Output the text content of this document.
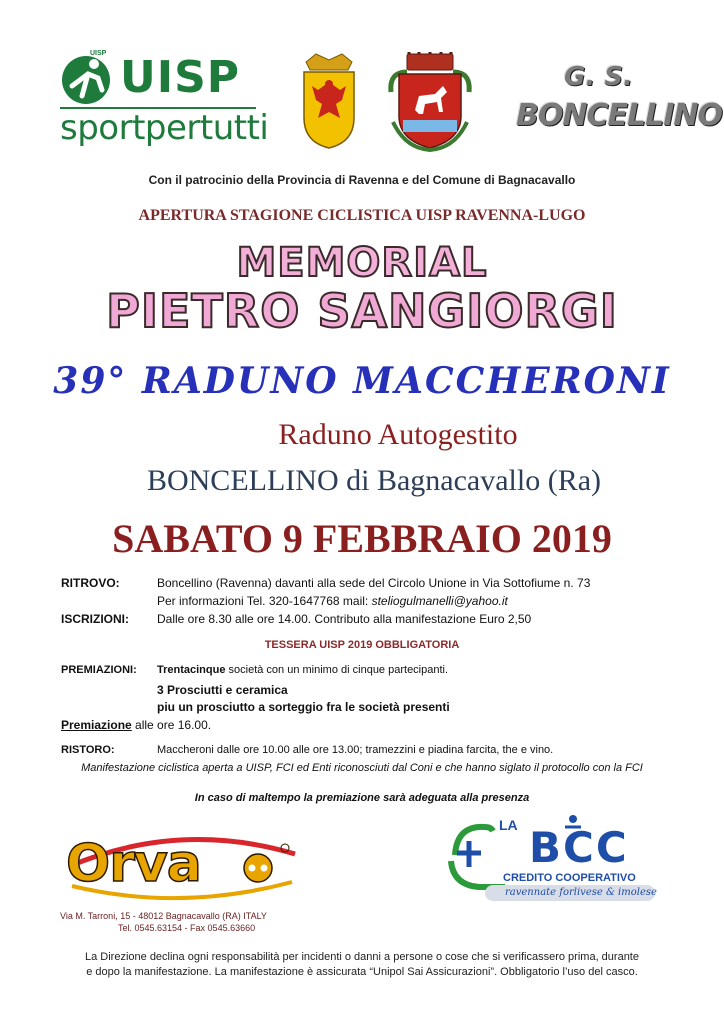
UISP UISP
sportpertutti
G. S.
BONCELLINO
Con il patrocinio della Provincia di Ravenna e del Comune di Bagnacavallo
APERTURA STAGIONE CICLISTICA UISP RAVENNA-LUGO
MEMORIAL
PIETRO SANGIORGI
39° RADUNO MACCHERONI
Raduno Autogestito
BONCELLINO di Bagnacavallo (Ra)
SABATO 9 FEBBRAIO 2019
RITROVO:	Boncellino (Ravenna) davanti alla sede del Circolo Unione in Via Sottofiume n. 73
Per informazioni Tel. 320-1647768 mail: steliogulmanelli@yahoo.it
ISCRIZIONI: Dalle ore 8.30 alle ore 14.00. Contributo alla manifestazione Euro 2,50
TESSERA UISP 2019 OBBLIGATORIA
PREMIAZIONI: Trentacinque società con un minimo di cinque partecipanti.
3 Prosciutti e ceramica
piu un prosciutto a sorteggio fra le società presenti
Premiazione alle ore 16.00.
RISTORO:	Maccheroni dalle ore 10.00 alle ore 13.00; tramezzini e piadina farcita, the e vino.
Manifestazione ciclistica aperta a UISP, FCI ed Enti riconosciuti dal Coni e che hanno siglato il protocollo con la FCI
In caso di maltempo la premiazione sarà adeguata alla presenza
Orva
Via M. Tarroni, 15 - 48012 Bagnacavallo (RA) ITALY
Tel. 0545.63154 - Fax 0545.63660
LA BCC
CREDITO COOPERATIVO
ravennate forlivese & imolese
La Direzione declina ogni responsabilità per incidenti o danni a persone o cose che si verificassero prima, durante
e dopo la manifestazione. La manifestazione è assicurata “Unipol Sai Assicurazioni”. Obbligatorio l’uso del casco.
